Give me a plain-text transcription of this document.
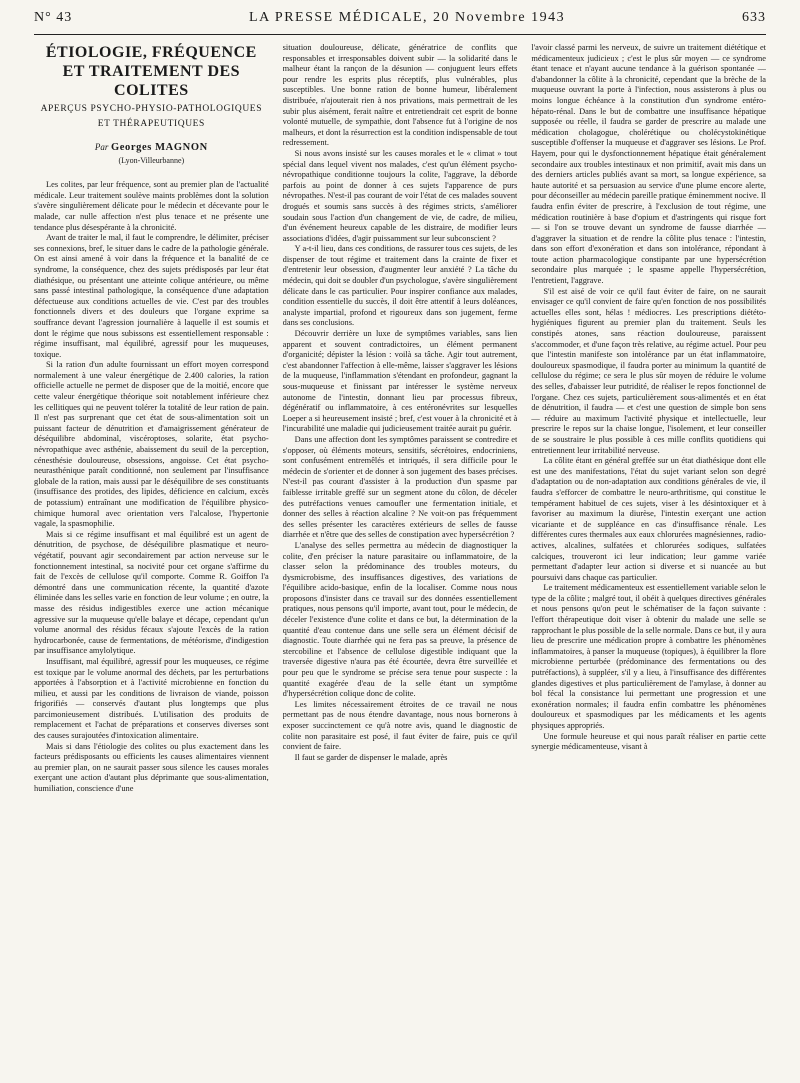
N° 43	LA PRESSE MÉDICALE, 20 Novembre 1943	633
ÉTIOLOGIE, FRÉQUENCE
ET TRAITEMENT DES COLITES
APERÇUS PSYCHO-PHYSIO-PATHOLOGIQUES
ET THÉRAPEUTIQUES
Par Georges MAGNON
(Lyon-Villeurbanne)

Les colites, par leur fréquence, sont au premier plan de l'actualité médicale. Leur traitement soulève maints problèmes dont la solution s'avère singulièrement délicate pour le médecin et décevante pour le malade, car nulle affection n'est plus tenace et ne présente une tendance plus désespérante à la chronicité.

Avant de traiter le mal, il faut le comprendre, le délimiter, préciser ses connexions, bref, le situer dans le cadre de la pathologie générale. On est ainsi amené à voir dans la fréquence et la banalité de ce syndrome, la conséquence, chez des sujets prédisposés par leur état diathésique, ou présentant une atteinte colique antérieure, ou même sans passé intestinal pathologique, la conséquence d'une adaptation défectueuse aux conditions actuelles de vie. C'est par des troubles fonctionnels divers et des douleurs que l'organe exprime sa souffrance devant l'agression journalière à laquelle il est soumis et dont le régime que nous subissons est essentiellement responsable : régime insuffisant, mal équilibré, agressif pour les muqueuses, toxique.

Si la ration d'un adulte fournissant un effort moyen correspond normalement à une valeur énergétique de 2.400 calories, la ration officielle actuelle ne permet de disposer que de la moitié, encore que cette valeur énergétique théorique soit notablement inférieure chez les cellitiques qui ne peuvent tolérer la totalité de leur ration de pain. Il n'est pas surprenant que cet état de sous-alimentation soit un puissant facteur de dénutrition et d'amaigrissement générateur de déséquilibre abdominal, viscéroptoses, solarite, état psycho-névropathique avec asthénie, abaissement du seuil de la perception, cénesthésie douloureuse, obsessions, angoisse. Cet état psycho-neurasthénique paraît conditionné, non seulement par l'insuffisance globale de la ration, mais aussi par le déséquilibre de ses constituants (insuffisance des protides, des lipides, déficience en calcium, excès de potassium) entraînant une modification de l'équilibre physico-chimique humoral avec orientation vers l'alcalose, l'hypertonie vagale, la spasmophilie.

Mais si ce régime insuffisant et mal équilibré est un agent de dénutrition, de psychose, de déséquilibre plasmatique et neuro-végétatif, pouvant agir secondairement par action nerveuse sur le fonctionnement intestinal, sa nocivité pour cet organe s'affirme du fait de l'excès de cellulose qu'il comporte. Comme R. Goiffon l'a démontré dans une communication récente, la quantité d'azote éliminée dans les selles varie en fonction de leur volume ; en outre, la masse des résidus indigestibles exerce une action mécanique agressive sur la muqueuse qu'elle balaye et décape, cependant qu'un volume anormal des résidus fécaux s'ajoute l'excès de la ration hydrocarbonée, cause de fermentations, de météorisme, d'indigestion par insuffisance amylolytique.

Insuffisant, mal équilibré, agressif pour les muqueuses, ce régime est toxique par le volume anormal des déchets, par les perturbations apportées à l'absorption et à l'activité microbienne en fonction du milieu, et aussi par les conditions de livraison de viande, poisson frigorifiés — conservés d'autant plus longtemps que plus parcimonieusement distribués. L'utilisation des produits de remplacement et l'achat de préparations et conserves diverses sont des causes surajoutées d'intoxication alimentaire.

Mais si dans l'étiologie des colites ou plus exactement dans les facteurs prédisposants ou efficients les causes alimentaires viennent au premier plan, on ne saurait passer sous silence les causes morales exerçant une action d'autant plus déprimante que sous-alimentation, humiliation, conscience d'une

situation douloureuse, délicate, génératrice de conflits que responsables et irresponsables doivent subir — la solidarité dans le malheur étant la rançon de la désunion — conjuguent leurs effets pour rendre les esprits plus réceptifs, plus vulnérables, plus susceptibles. Une bonne ration de bonne humeur, libéralement distribuée, n'ajouterait rien à nos privations, mais permettrait de les subir plus aisément, ferait naître et entretiendrait cet esprit de bonne volonté mutuelle, de sympathie, dont l'absence fut à l'origine de nos malheurs, et dont la résurrection est la condition indispensable de tout redressement.

Si nous avons insisté sur les causes morales et le « climat » tout spécial dans lequel vivent nos malades, c'est qu'un élément psycho-névropathique conditionne toujours la colite, l'aggrave, la déborde parfois au point de donner à ces sujets l'apparence de purs névropathes. N'est-il pas courant de voir l'état de ces malades souvent drogués et soumis sans succès à des régimes stricts, s'améliorer soudain sous l'action d'un changement de vie, de cadre, de milieu, d'un événement heureux capable de les distraire, de modifier leurs associations d'idées, d'agir puissamment sur leur subconscient ?

Y a-t-il lieu, dans ces conditions, de rassurer tous ces sujets, de les dispenser de tout régime et traitement dans la crainte de fixer et d'entretenir leur obsession, d'augmenter leur anxiété ? La tâche du médecin, qui doit se doubler d'un psychologue, s'avère singulièrement délicate dans le cas particulier. Pour inspirer confiance aux malades, condition essentielle du succès, il doit être attentif à leurs doléances, analyste impartial, profond et rigoureux dans son jugement, ferme dans ses conclusions.

Découvrir derrière un luxe de symptômes variables, sans lien apparent et souvent contradictoires, un élément permanent d'organicité; dépister la lésion : voilà sa tâche. Agir tout autrement, c'est abandonner l'affection à elle-même, laisser s'aggraver les lésions de la muqueuse, l'inflammation s'étendant en profondeur, gagnant la sous-muqueuse et finissant par intéresser le système nerveux autonome de l'intestin, donnant lieu par processus fibreux, dégénératif ou inflammatoire, à ces entéronévrites sur lesquelles Loeper a si heureusement insisté ; bref, c'est vouer à la chronicité et à l'incurabilité une maladie qui judicieusement traitée aurait pu guérir.

Dans une affection dont les symptômes paraissent se contredire et s'opposer, où éléments moteurs, sensitifs, sécrétoires, endocriniens, sont confusément entremêlés et intriqués, il sera difficile pour le médecin de s'orienter et de donner à son jugement des bases précises. N'est-il pas courant d'assister à la production d'un spasme par faiblesse irritable greffé sur un segment atone du côlon, de déceler des putréfactions venues camoufler une fermentation initiale, et donner des selles à réaction alcaline ? Ne voit-on pas fréquemment des selles présenter les caractères extérieurs de selles de fausse diarrhée et n'être que des selles de constipation avec hypersécrétion ?

L'analyse des selles permettra au médecin de diagnostiquer la colite, d'en préciser la nature parasitaire ou inflammatoire, de la classer selon la prédominance des troubles moteurs, du dysmicrobisme, des insuffisances digestives, des variations de l'équilibre acido-basique, enfin de la localiser. Comme nous nous proposons d'insister dans ce travail sur des données essentiellement pratiques, nous pensons qu'il importe, avant tout, pour le médecin, de déceler l'existence d'une colite et dans ce but, la détermination de la quantité d'eau contenue dans une selle sera un élément décisif de diagnostic. Toute diarrhée qui ne fera pas sa preuve, la présence de stercobiline et l'absence de cellulose digestible indiquant que la traversée digestive n'aura pas été écourtée, devra être surveillée et pour peu que le syndrome se précise sera tenue pour suspecte : la quantité exagérée d'eau de la selle étant un symptôme d'hypersécrétion colique donc de colite.

Les limites nécessairement étroites de ce travail ne nous permettant pas de nous étendre davantage, nous nous bornerons à exposer succinctement ce qu'à notre avis, quand le diagnostic de colite non parasitaire est posé, il faut éviter de faire, puis ce qu'il convient de faire.

Il faut se garder de dispenser le malade, après

l'avoir classé parmi les nerveux, de suivre un traitement diététique et médicamenteux judicieux ; c'est le plus sûr moyen — ce syndrome étant tenace et n'ayant aucune tendance à la guérison spontanée — d'abandonner la côlite à la chronicité, cependant que la brèche de la muqueuse ouvrant la porte à l'infection, nous assisterons à plus ou moins longue échéance à la constitution d'un syndrome entéro-hépato-rénal. Dans le but de combattre une insuffisance hépatique supposée ou réelle, il faudra se garder de prescrire au malade une médication cholagogue, cholérétique ou cholécystokinétique susceptible d'offenser la muqueuse et d'aggraver ses lésions. Le Prof. Hayem, pour qui le dysfonctionnement hépatique était généralement secondaire aux troubles intestinaux et non primitif, avait mis dans un des derniers articles publiés avant sa mort, sa longue expérience, sa haute autorité et sa persuasion au service d'une plume encore alerte, pour déconseiller au médecin pareille pratique éminemment nocive. Il faudra enfin éviter de prescrire, à l'exclusion de tout régime, une médication routinière à base d'opium et d'astringents qui risque fort — si l'on se trouve devant un syndrome de fausse diarrhée — d'aggraver la situation et de rendre la côlite plus tenace : l'intestin, dans son effort d'exonération et dans son intolérance, répondant à toute action pharmacologique constipante par une hypersécrétion secondaire plus marquée ; le spasme appelle l'hypersécrétion, l'entretient, l'aggrave.

S'il est aisé de voir ce qu'il faut éviter de faire, on ne saurait envisager ce qu'il convient de faire qu'en fonction de nos possibilités actuelles elles sont, hélas ! médiocres. Les prescriptions diététo-hygiéniques figurent au premier plan du traitement. Seuls les constipés atones, sans réaction douloureuse, paraissent s'accommoder, et d'une façon très relative, au régime actuel. Pour peu que l'intestin manifeste son intolérance par un état inflammatoire, douloureux spasmodique, il faudra porter au minimum la quantité de cellulose du régime; ce sera le plus sûr moyen de réduire le volume des selles, d'abaisser leur putridité, de réaliser le repos fonctionnel de l'organe. Chez ces sujets, particulièrement sous-alimentés et en état de dénutrition, il faudra — et c'est une question de simple bon sens — réduire au maximum l'activité physique et intellectuelle, leur prescrire le repos sur la chaise longue, l'isolement, et leur conseiller de se soustraire le plus possible à ces mille conflits quotidiens qui entretiennent leur irritabilité nerveuse.

La côlite étant en général greffée sur un état diathésique dont elle est une des manifestations, l'état du sujet variant selon son degré d'adaptation ou de non-adaptation aux conditions générales de vie, il faudra s'efforcer de combattre le neuro-arthritisme, qui constitue le tempérament habituel de ces sujets, viser à les désintoxiquer et à favoriser au maximum la diurèse, l'intestin exerçant une action vicariante et de suppléance en cas d'insuffisance rénale. Les différentes cures thermales aux eaux chlorurées magnésiennes, radio-actives, alcalines, sulfatées et chlorurées sodiques, sulfatées calciques, trouveront ici leur indication; leur gamme variée permettant d'adapter leur action si diverse et si nuancée au but poursuivi dans chaque cas particulier.

Le traitement médicamenteux est essentiellement variable selon le type de la côlite ; malgré tout, il obéit à quelques directives générales et nous pensons qu'on peut le schématiser de la façon suivante : l'effort thérapeutique doit viser à obtenir du malade une selle se rapprochant le plus possible de la selle normale. Dans ce but, il y aura lieu de prescrire une médication propre à combattre les phénomènes inflammatoires, à panser la muqueuse (topiques), à équilibrer la flore microbienne perturbée (prédominance des fermentations ou des putréfactions), à suppléer, s'il y a lieu, à l'insuffisance des différentes glandes digestives et plus particulièrement de l'amylase, à donner au bol fécal la consistance lui permettant une progression et une exonération normales; il faudra enfin combattre les phénomènes douloureux et spasmodiques par les médicaments et les agents physiques appropriés.

Une formule heureuse et qui nous paraît réaliser en partie cette synergie médicamenteuse, visant à
